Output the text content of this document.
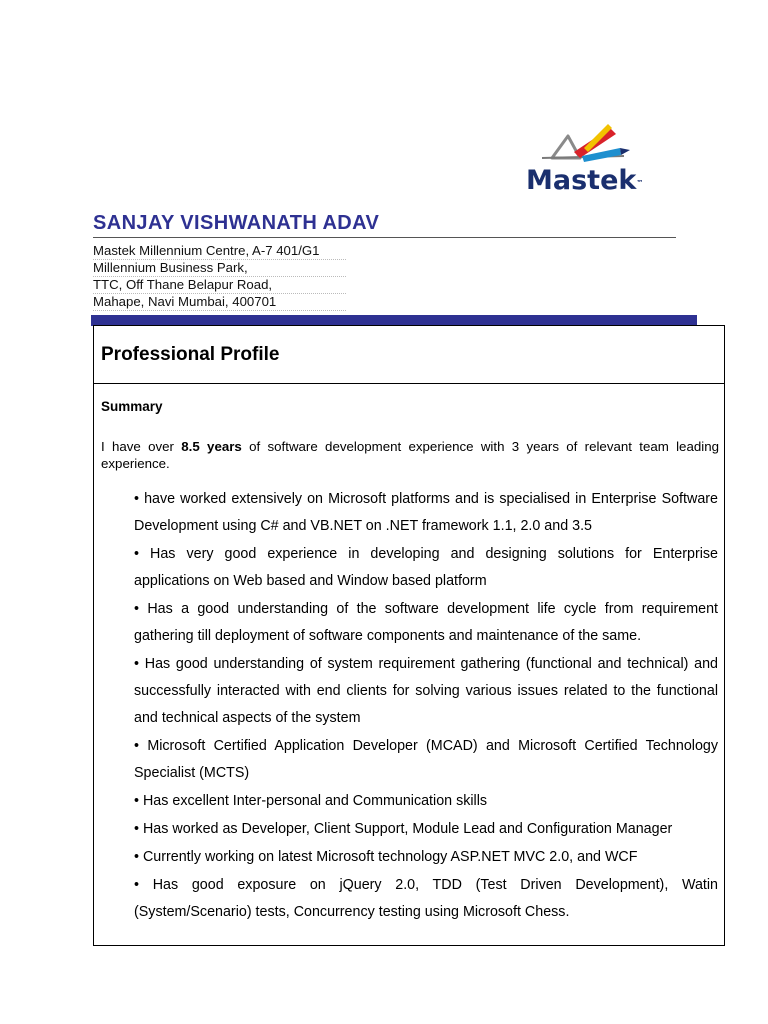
Mastek™
SANJAY VISHWANATH ADAV
Mastek Millennium Centre, A-7 401/G1
Millennium Business Park,
TTC, Off Thane Belapur Road,
Mahape, Navi Mumbai, 400701
Professional Profile
Summary
I have over 8.5 years of software development experience with 3 years of relevant team leading experience.
• have worked extensively on Microsoft platforms and is specialised in Enterprise Software Development using C# and VB.NET on .NET framework 1.1, 2.0 and 3.5
• Has very good experience in developing and designing solutions for Enterprise applications on Web based and Window based platform
• Has a good understanding of the software development life cycle from requirement gathering till deployment of software components and maintenance of the same.
• Has good understanding of system requirement gathering (functional and technical) and successfully interacted with end clients for solving various issues related to the functional and technical aspects of the system
• Microsoft Certified Application Developer (MCAD) and Microsoft Certified Technology Specialist (MCTS)
• Has excellent Inter-personal and Communication skills
• Has worked as Developer, Client Support, Module Lead and Configuration Manager
• Currently working on latest Microsoft technology ASP.NET MVC 2.0, and WCF
• Has good exposure on jQuery 2.0, TDD (Test Driven Development), Watin (System/Scenario) tests, Concurrency testing using Microsoft Chess.
